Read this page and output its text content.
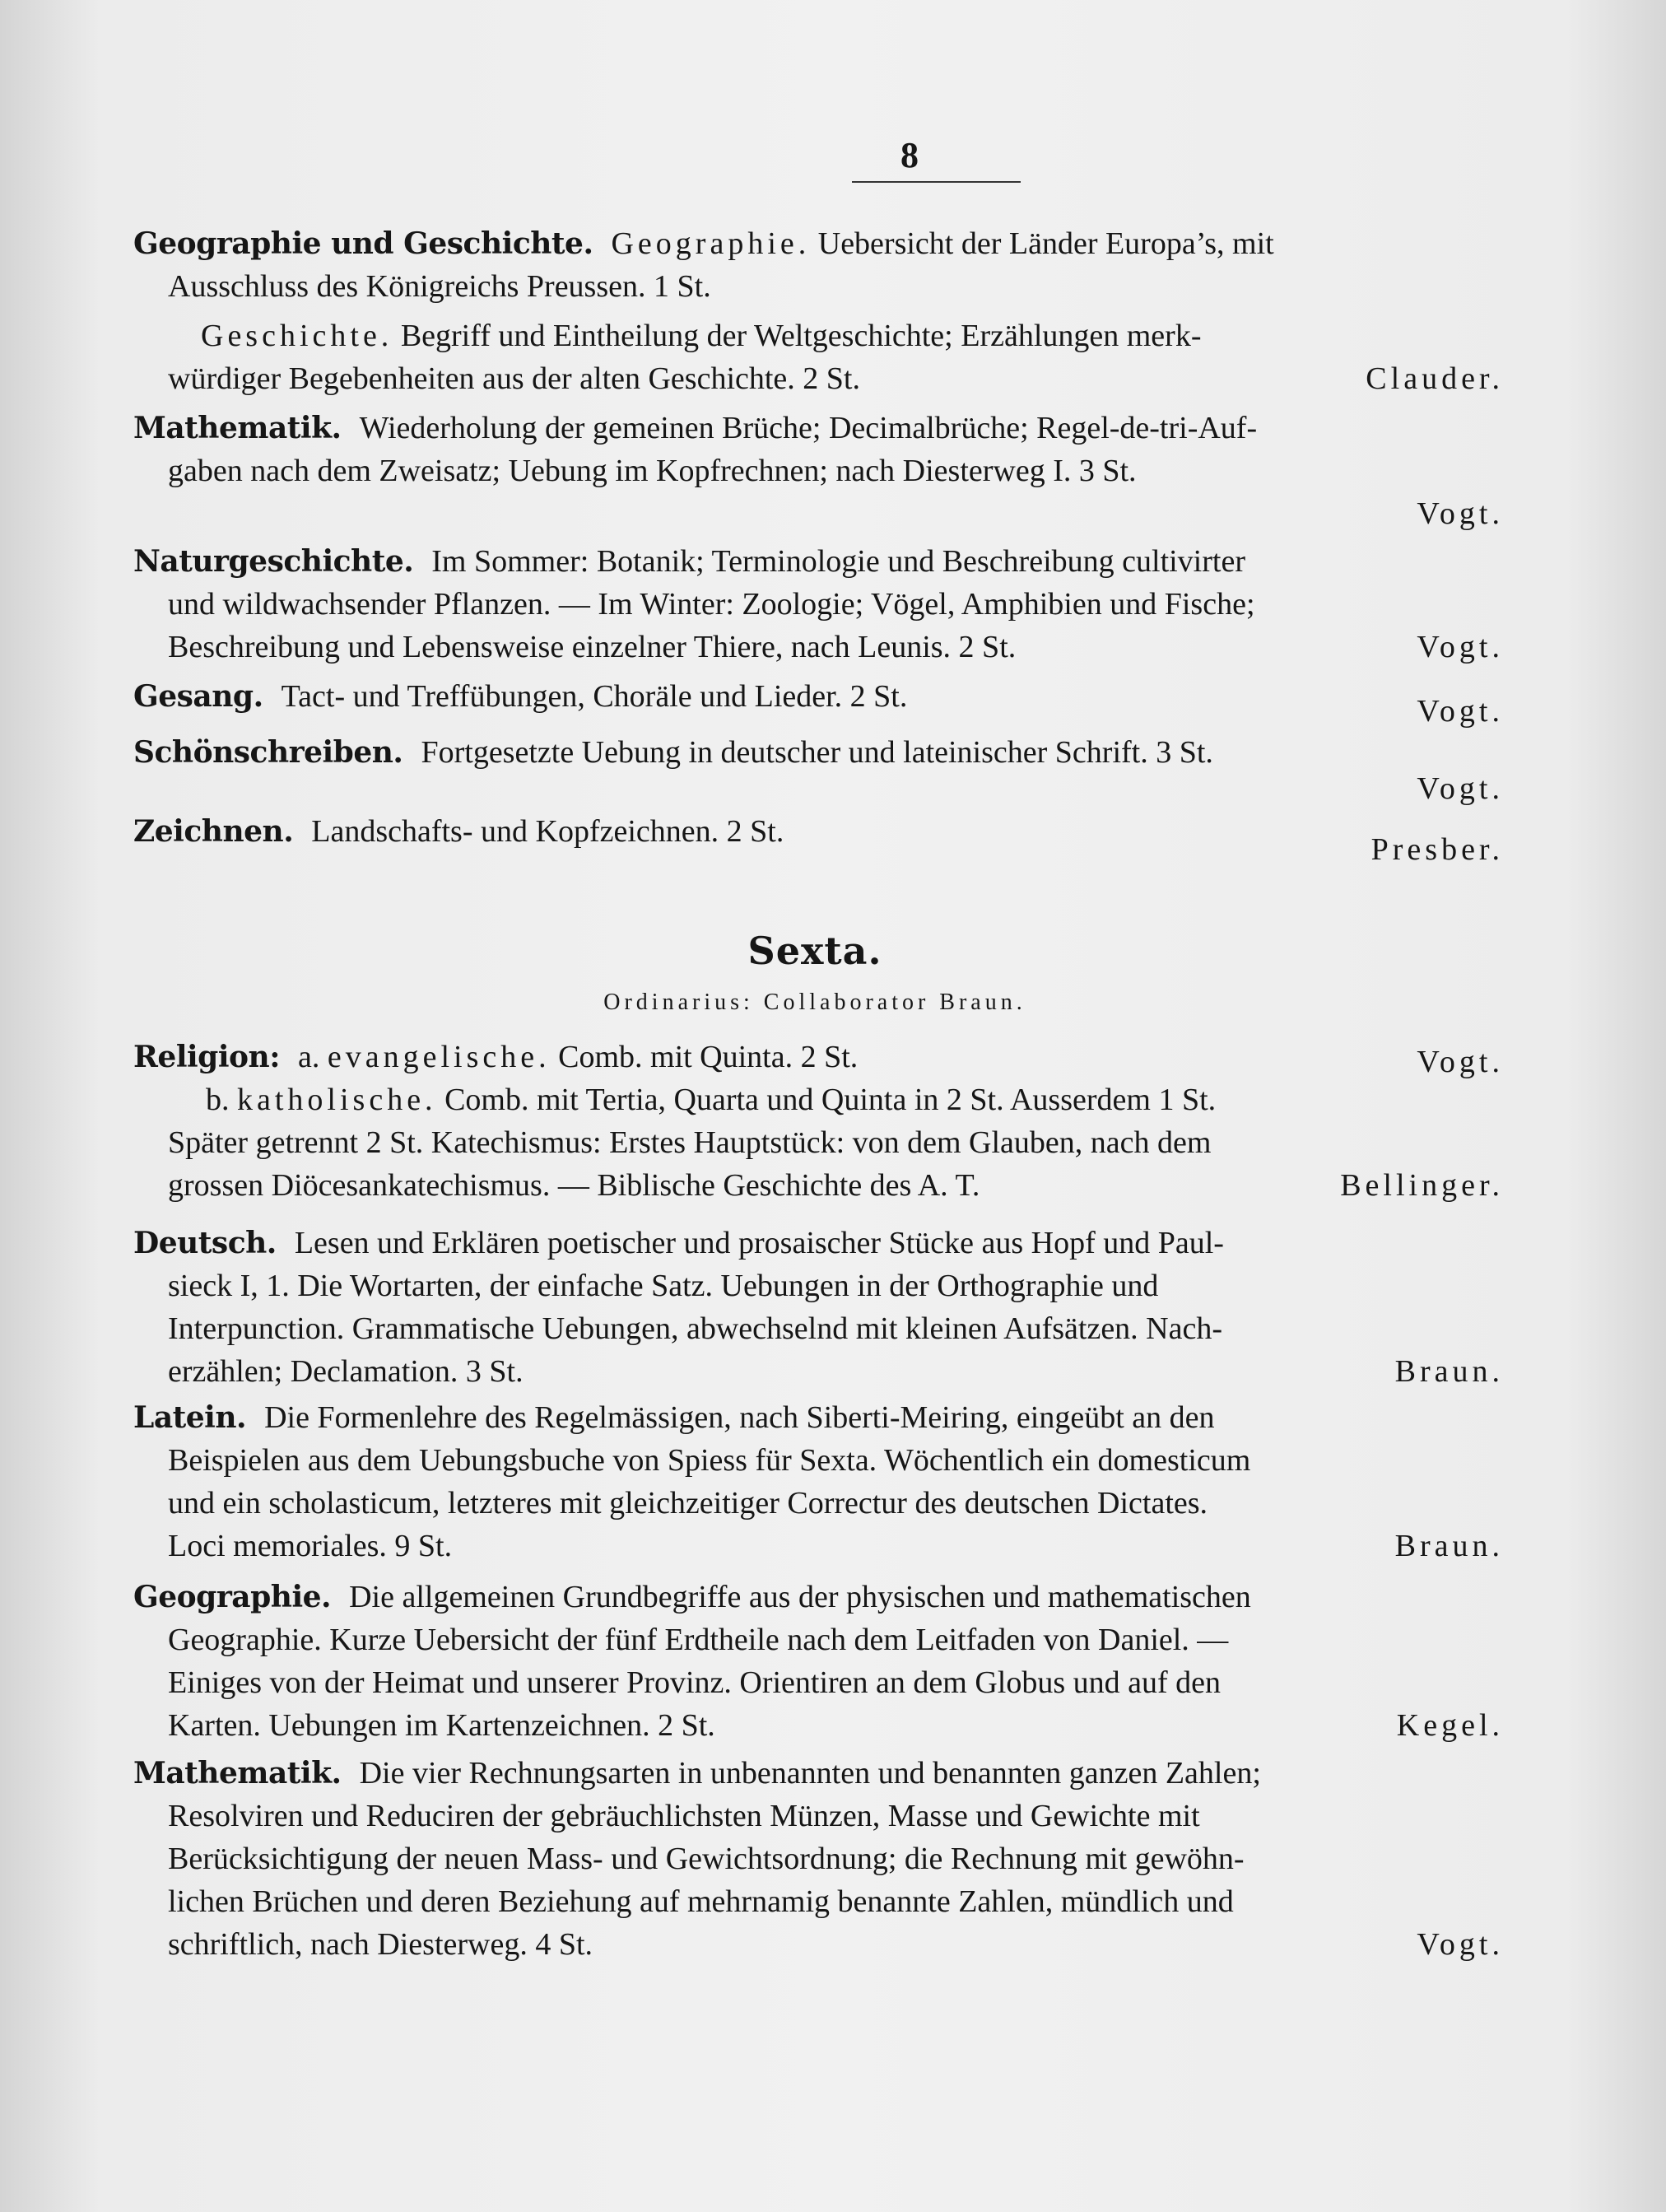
8
Geographie und Geschichte. Geographie. Uebersicht der Länder Europa’s, mit
Ausschluss des Königreichs Preussen. 1 St.
Geschichte. Begriff und Eintheilung der Weltgeschichte; Erzählungen merk-
würdiger Begebenheiten aus der alten Geschichte. 2 St.	Clauder.
Mathematik. Wiederholung der gemeinen Brüche; Decimalbrüche; Regel-de-tri-Auf-
gaben nach dem Zweisatz; Uebung im Kopfrechnen; nach Diesterweg I. 3 St.
Vogt.
Naturgeschichte. Im Sommer: Botanik; Terminologie und Beschreibung cultivirter
und wildwachsender Pflanzen. — Im Winter: Zoologie; Vögel, Amphibien und Fische;
Beschreibung und Lebensweise einzelner Thiere, nach Leunis. 2 St.	Vogt.
Gesang. Tact- und Treffübungen, Choräle und Lieder. 2 St.	Vogt.
Schönschreiben. Fortgesetzte Uebung in deutscher und lateinischer Schrift. 3 St.
Vogt.
Zeichnen. Landschafts- und Kopfzeichnen. 2 St.
Presber.
Sexta.
Ordinarius: Collaborator Braun.
Religion: a. evangelische. Comb. mit Quinta. 2 St.	Vogt.
b. katholische. Comb. mit Tertia, Quarta und Quinta in 2 St. Ausserdem 1 St.
Später getrennt 2 St. Katechismus: Erstes Hauptstück: von dem Glauben, nach dem
grossen Diöcesankatechismus. — Biblische Geschichte des A. T.	Bellinger.
Deutsch. Lesen und Erklären poetischer und prosaischer Stücke aus Hopf und Paul-
sieck I, 1. Die Wortarten, der einfache Satz. Uebungen in der Orthographie und
Interpunction. Grammatische Uebungen, abwechselnd mit kleinen Aufsätzen. Nach-
erzählen; Declamation. 3 St.	Braun.
Latein. Die Formenlehre des Regelmässigen, nach Siberti-Meiring, eingeübt an den
Beispielen aus dem Uebungsbuche von Spiess für Sexta. Wöchentlich ein domesticum
und ein scholasticum, letzteres mit gleichzeitiger Correctur des deutschen Dictates.
Loci memoriales. 9 St.	Braun.
Geographie. Die allgemeinen Grundbegriffe aus der physischen und mathematischen
Geographie. Kurze Uebersicht der fünf Erdtheile nach dem Leitfaden von Daniel. —
Einiges von der Heimat und unserer Provinz. Orientiren an dem Globus und auf den
Karten. Uebungen im Kartenzeichnen. 2 St.	Kegel.
Mathematik. Die vier Rechnungsarten in unbenannten und benannten ganzen Zahlen;
Resolviren und Reduciren der gebräuchlichsten Münzen, Masse und Gewichte mit
Berücksichtigung der neuen Mass- und Gewichtsordnung; die Rechnung mit gewöhn-
lichen Brüchen und deren Beziehung auf mehrnamig benannte Zahlen, mündlich und
schriftlich, nach Diesterweg. 4 St.	Vogt.
